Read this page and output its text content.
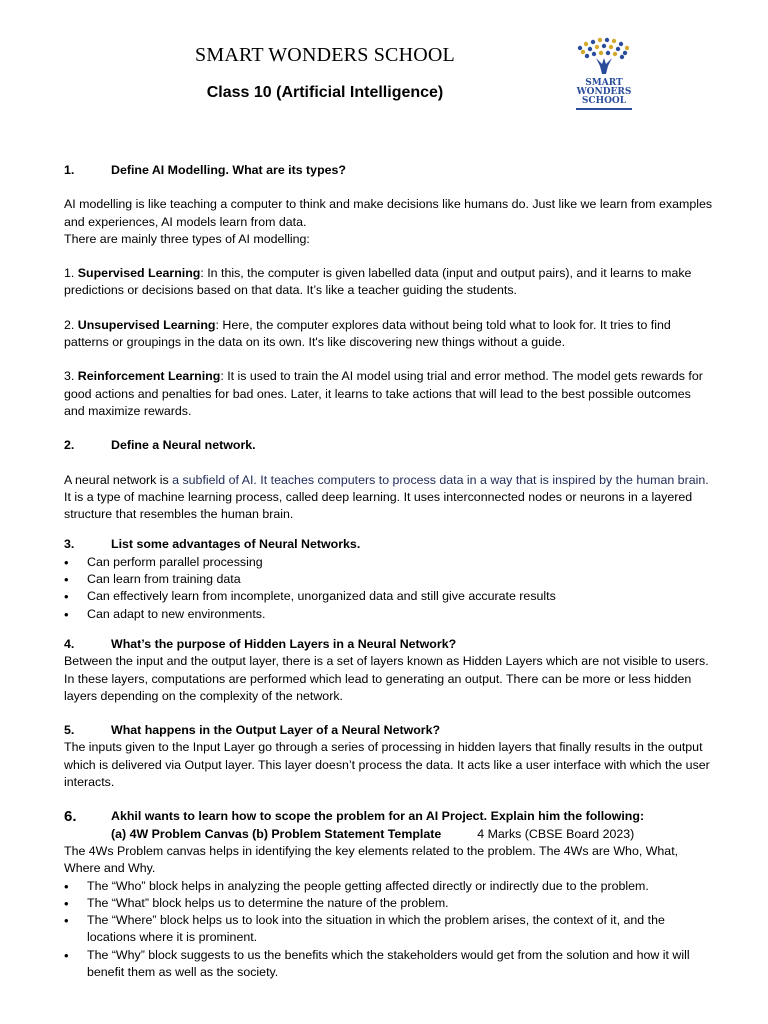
SMART WONDERS SCHOOL
Class 10 (Artificial Intelligence)
SMART
WONDERS
SCHOOL
1.	Define AI Modelling. What are its types?

AI modelling is like teaching a computer to think and make decisions like humans do. Just like we learn from examples and experiences, AI models learn from data.

There are mainly three types of AI modelling:

1. Supervised Learning: In this, the computer is given labelled data (input and output pairs), and it learns to make predictions or decisions based on that data. It’s like a teacher guiding the students.

2. Unsupervised Learning: Here, the computer explores data without being told what to look for. It tries to find patterns or groupings in the data on its own. It's like discovering new things without a guide.

3. Reinforcement Learning: It is used to train the AI model using trial and error method. The model gets rewards for good actions and penalties for bad ones. Later, it learns to take actions that will lead to the best possible outcomes and maximize rewards.

2.	Define a Neural network.

A neural network is a subfield of AI. It teaches computers to process data in a way that is inspired by the human brain. It is a type of machine learning process, called deep learning. It uses interconnected nodes or neurons in a layered structure that resembles the human brain.

3.	List some advantages of Neural Networks.
• Can perform parallel processing
• Can learn from training data
• Can effectively learn from incomplete, unorganized data and still give accurate results
• Can adapt to new environments.
4.	What’s the purpose of Hidden Layers in a Neural Network?

Between the input and the output layer, there is a set of layers known as Hidden Layers which are not visible to users. In these layers, computations are performed which lead to generating an output. There can be more or less hidden layers depending on the complexity of the network.

5.	What happens in the Output Layer of a Neural Network?

The inputs given to the Input Layer go through a series of processing in hidden layers that finally results in the output which is delivered via Output layer. This layer doesn’t process the data. It acts like a user interface with which the user interacts.

6.	Akhil wants to learn how to scope the problem for an AI Project. Explain him the following:
(a) 4W Problem Canvas (b) Problem Statement Template	4 Marks (CBSE Board 2023)

The 4Ws Problem canvas helps in identifying the key elements related to the problem. The 4Ws are Who, What, Where and Why.

• The “Who” block helps in analyzing the people getting affected directly or indirectly due to the problem.
• The “What” block helps us to determine the nature of the problem.
• The “Where” block helps us to look into the situation in which the problem arises, the context of it, and the locations where it is prominent.
• The “Why” block suggests to us the benefits which the stakeholders would get from the solution and how it will benefit them as well as the society.
